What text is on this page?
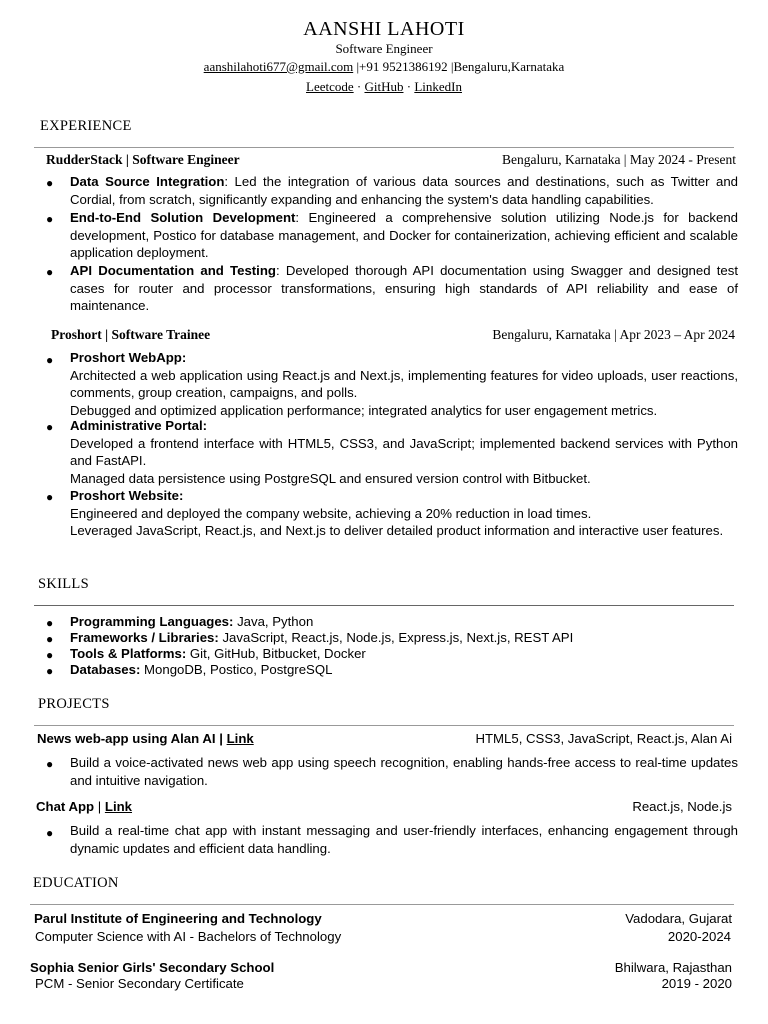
AANSHI LAHOTI
Software Engineer
aanshilahoti677@gmail.com |+91 9521386192 |Bengaluru,Karnataka
Leetcode · GitHub · LinkedIn
EXPERIENCE
RudderStack | Software Engineer	Bengaluru, Karnataka | May 2024 - Present
● Data Source Integration: Led the integration of various data sources and destinations, such as Twitter and Cordial, from scratch, significantly expanding and enhancing the system's data handling capabilities.
● End-to-End Solution Development: Engineered a comprehensive solution utilizing Node.js for backend development, Postico for database management, and Docker for containerization, achieving efficient and scalable application deployment.
● API Documentation and Testing: Developed thorough API documentation using Swagger and designed test cases for router and processor transformations, ensuring high standards of API reliability and ease of maintenance.
Proshort | Software Trainee	Bengaluru, Karnataka | Apr 2023 – Apr 2024
● Proshort WebApp:
Architected a web application using React.js and Next.js, implementing features for video uploads, user reactions, comments, group creation, campaigns, and polls.
Debugged and optimized application performance; integrated analytics for user engagement metrics.
● Administrative Portal:
Developed a frontend interface with HTML5, CSS3, and JavaScript; implemented backend services with Python and FastAPI.
Managed data persistence using PostgreSQL and ensured version control with Bitbucket.
● Proshort Website:
Engineered and deployed the company website, achieving a 20% reduction in load times.
Leveraged JavaScript, React.js, and Next.js to deliver detailed product information and interactive user features.
SKILLS
● Programming Languages: Java, Python
● Frameworks / Libraries: JavaScript, React.js, Node.js, Express.js, Next.js, REST API
● Tools & Platforms: Git, GitHub, Bitbucket, Docker
● Databases: MongoDB, Postico, PostgreSQL
PROJECTS
News web-app using Alan AI | Link	HTML5, CSS3, JavaScript, React.js, Alan Ai
● Build a voice-activated news web app using speech recognition, enabling hands-free access to real-time updates and intuitive navigation.
Chat App | Link	React.js, Node.js
● Build a real-time chat app with instant messaging and user-friendly interfaces, enhancing engagement through dynamic updates and efficient data handling.
EDUCATION
Parul Institute of Engineering and Technology	Vadodara, Gujarat
Computer Science with AI - Bachelors of Technology	2020-2024
Sophia Senior Girls' Secondary School	Bhilwara, Rajasthan
PCM - Senior Secondary Certificate	2019 - 2020
